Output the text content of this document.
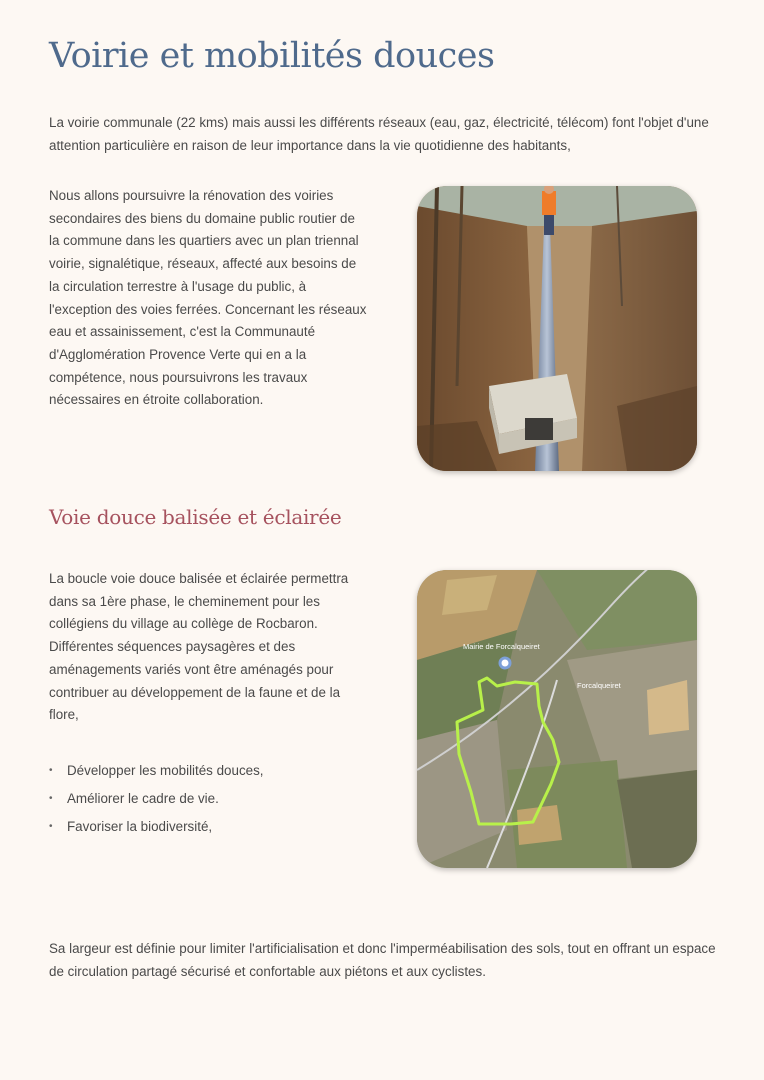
Voirie et mobilités douces

La voirie communale (22 kms) mais aussi les différents réseaux (eau, gaz, électricité, télécom) font l'objet d'une attention particulière en raison de leur importance dans la vie quotidienne des habitants,

Nous allons poursuivre la rénovation des voiries secondaires des biens du domaine public routier de la commune dans les quartiers avec un plan triennal voirie, signalétique, réseaux, affecté aux besoins de la circulation terrestre à l'usage du public, à l'exception des voies ferrées. Concernant les réseaux eau et assainissement, c'est la Communauté d'Agglomération Provence Verte qui en a la compétence, nous poursuivrons les travaux nécessaires en étroite collaboration.

Voie douce balisée et éclairée

La boucle voie douce balisée et éclairée permettra dans sa 1ère phase, le cheminement pour les collégiens du village au collège de Rocbaron. Différentes séquences paysagères et des aménagements variés vont être aménagés pour contribuer au développement de la faune et de la flore,

•	Développer les mobilités douces,
•	Améliorer le cadre de vie.
•	Favoriser la biodiversité,
Mairie de Forcalqueiret
Forcalqueiret

Sa largeur est définie pour limiter l'artificialisation et donc l'imperméabilisation des sols, tout en offrant un espace de circulation partagé sécurisé et confortable aux piétons et aux cyclistes.
